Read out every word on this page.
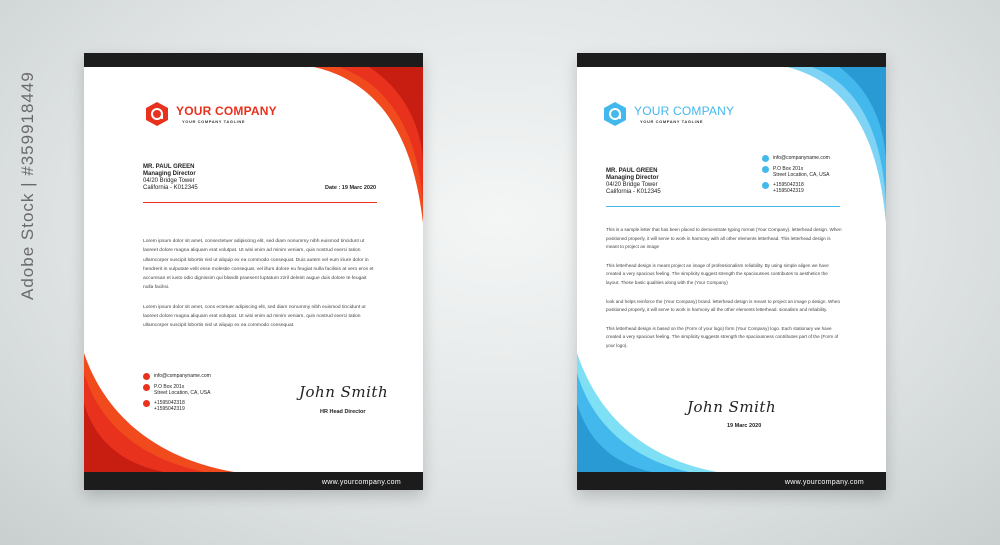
Adobe Stock | #359918449	YOUR COMPANY
YOUR COMPANY TAGLINE
MR. PAUL GREEN
Managing Director
04/20 Bridge Tower
California - K012345	Date : 19 Marc 2020

Lorem ipsum dolor sit amet, consectetuer adipiscing elit, sed diam nonummy nibh euismod tincidunt ut laoreet dolore magna aliquam erat volutpat. Ut wisi enim ad minim veniam, quis nostrud exerci tation ullamcorper suscipit lobortis nisl ut aliquip ex ea commodo consequat. Duis autem vel eum iriure dolor in hendrerit in vulputate velit esse molestie consequat, vel illum dolore eu feugiat nulla facilisis at vero eros et accumsan et iusto odio dignissim qui blandit praesent luptatum zzril delenit augue duis dolore te feugait nulla facilisi.

Lorem ipsum dolor sit amet, cons ectetuer adipiscing elit, sed diam nonummy nibh euismod tincidunt ut laoreet dolore magna aliquam erat volutpat. Ut wisi enim ad minim veniam, quis nostrud exerci tation ullamcorper suscipit lobortis nisl ut aliquip ex ea commodo consequat.

info@companyname.com
P.O Box 201x
Street Location, CA, USA
+1595042318
+1595042319
John Smith
HR Head Director
www.yourcompany.com
YOUR COMPANY
YOUR COMPANY TAGLINE
MR. PAUL GREEN
Managing Director
04/20 Bridge Tower
California - K012345
info@companyname.com
P.O Box 201x
Street Location, CA, USA
+1595042318
+1595042319

This is a sample letter that has been placed to demonstrate typing rormat (Your Company). letterhead design. When positioned properly, it will serve to work in harmony with all other elements letterhead. This letterhead design is meant to project an image

This letterhead design is meant project an image of professionalism reliability. By using simple aligen we have created a very spacious feeling. The simplicity suggest strength the spaciousnes contributes to aesthetics the layout. These basic qualities along with the (Your Company)

look and helps reinforce the (Your Company) brand. letterhead design is meant to project an image p design. When positioned properly, it will serve to work in harmony all the other elements letterhead. sionalism and reliability.

This letterhead design is based on the (Form of your logo) form (Your Company) logo. Each stationary we have created a very spacious feeling. The simplicity suggests strength the spaciousness contributes part of the (Form of your logo).

John Smith
19 Marc 2020
www.yourcompany.com
